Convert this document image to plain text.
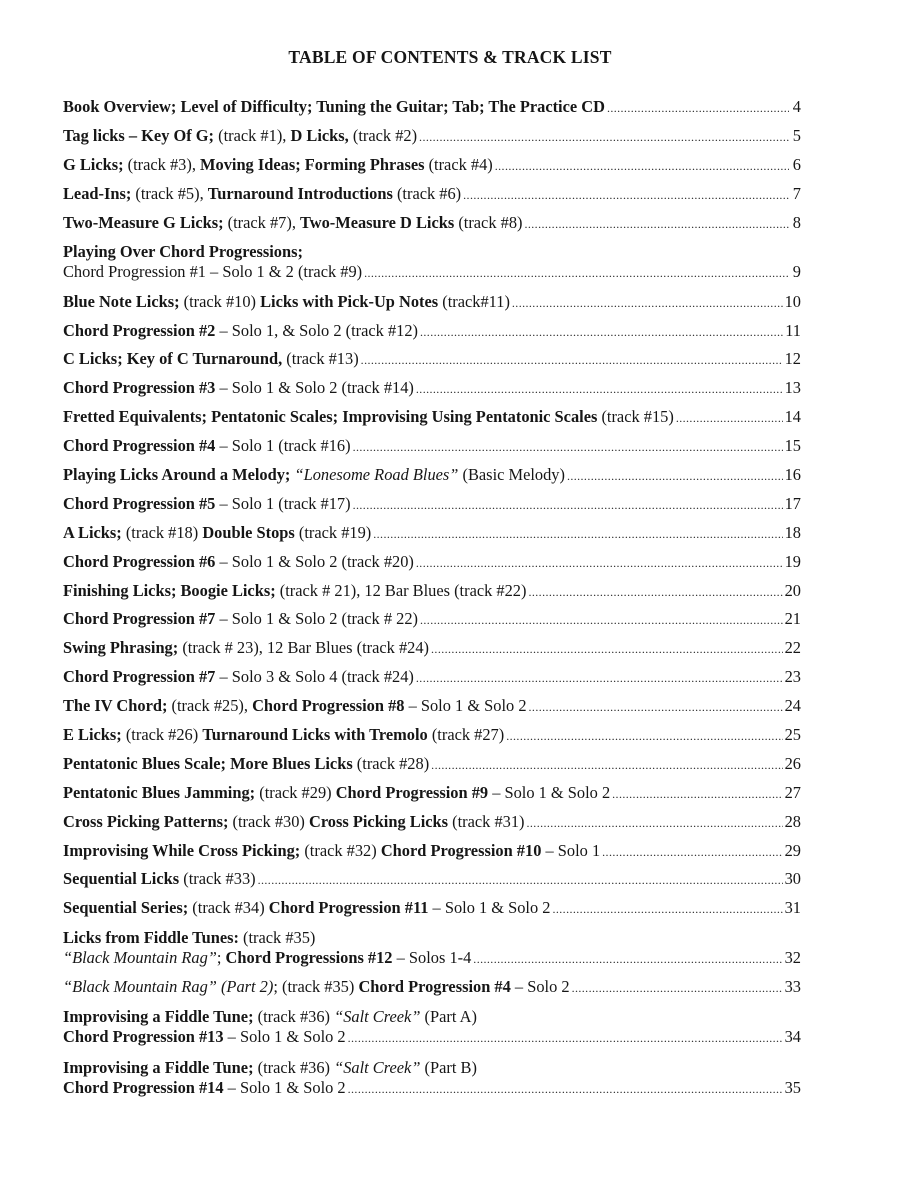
TABLE OF CONTENTS & TRACK LIST
Book Overview; Level of Difficulty; Tuning the Guitar; Tab; The Practice CD .....	4
Tag licks – Key Of G; (track #1), D Licks, (track #2) .....	5
G Licks; (track #3), Moving Ideas; Forming Phrases (track #4) .....	6
Lead-Ins; (track #5), Turnaround Introductions (track #6) .....	7
Two-Measure G Licks; (track #7), Two-Measure D Licks (track #8) .....	8
Playing Over Chord Progressions;
Chord Progression #1 – Solo 1 & 2 (track #9) .....	9
Blue Note Licks; (track #10) Licks with Pick-Up Notes (track#11) .....	10
Chord Progression #2 – Solo 1, & Solo 2 (track #12) .....	11
C Licks; Key of C Turnaround, (track #13) .....	12
Chord Progression #3 – Solo 1 & Solo 2 (track #14) .....	13
Fretted Equivalents; Pentatonic Scales; Improvising Using Pentatonic Scales (track #15) .....	14
Chord Progression #4 – Solo 1 (track #16) .....	15
Playing Licks Around a Melody; “Lonesome Road Blues” (Basic Melody) .....	16
Chord Progression #5 – Solo 1 (track #17) .....	17
A Licks; (track #18) Double Stops (track #19) .....	18
Chord Progression #6 – Solo 1 & Solo 2 (track #20) .....	19
Finishing Licks; Boogie Licks; (track # 21), 12 Bar Blues (track #22) .....	20
Chord Progression #7 – Solo 1 & Solo 2 (track # 22) .....	21
Swing Phrasing; (track # 23), 12 Bar Blues (track #24) .....	22
Chord Progression #7 – Solo 3 & Solo 4 (track #24) .....	23
The IV Chord; (track #25), Chord Progression #8 – Solo 1 & Solo 2 .....	24
E Licks; (track #26) Turnaround Licks with Tremolo (track #27) .....	25
Pentatonic Blues Scale; More Blues Licks (track #28) .....	26
Pentatonic Blues Jamming; (track #29) Chord Progression #9 – Solo 1 & Solo 2 .....	27
Cross Picking Patterns; (track #30) Cross Picking Licks (track #31) .....	28
Improvising While Cross Picking; (track #32) Chord Progression #10 – Solo 1 .....	29
Sequential Licks (track #33) .....	30
Sequential Series; (track #34) Chord Progression #11 – Solo 1 & Solo 2 .....	31
Licks from Fiddle Tunes: (track #35)
“Black Mountain Rag”; Chord Progressions #12 – Solos 1-4 .....	32
“Black Mountain Rag” (Part 2); (track #35) Chord Progression #4 – Solo 2 .....	33
Improvising a Fiddle Tune; (track #36) “Salt Creek” (Part A)
Chord Progression #13 – Solo 1 & Solo 2 .....	34
Improvising a Fiddle Tune; (track #36) “Salt Creek” (Part B)
Chord Progression #14 – Solo 1 & Solo 2 .....	35
